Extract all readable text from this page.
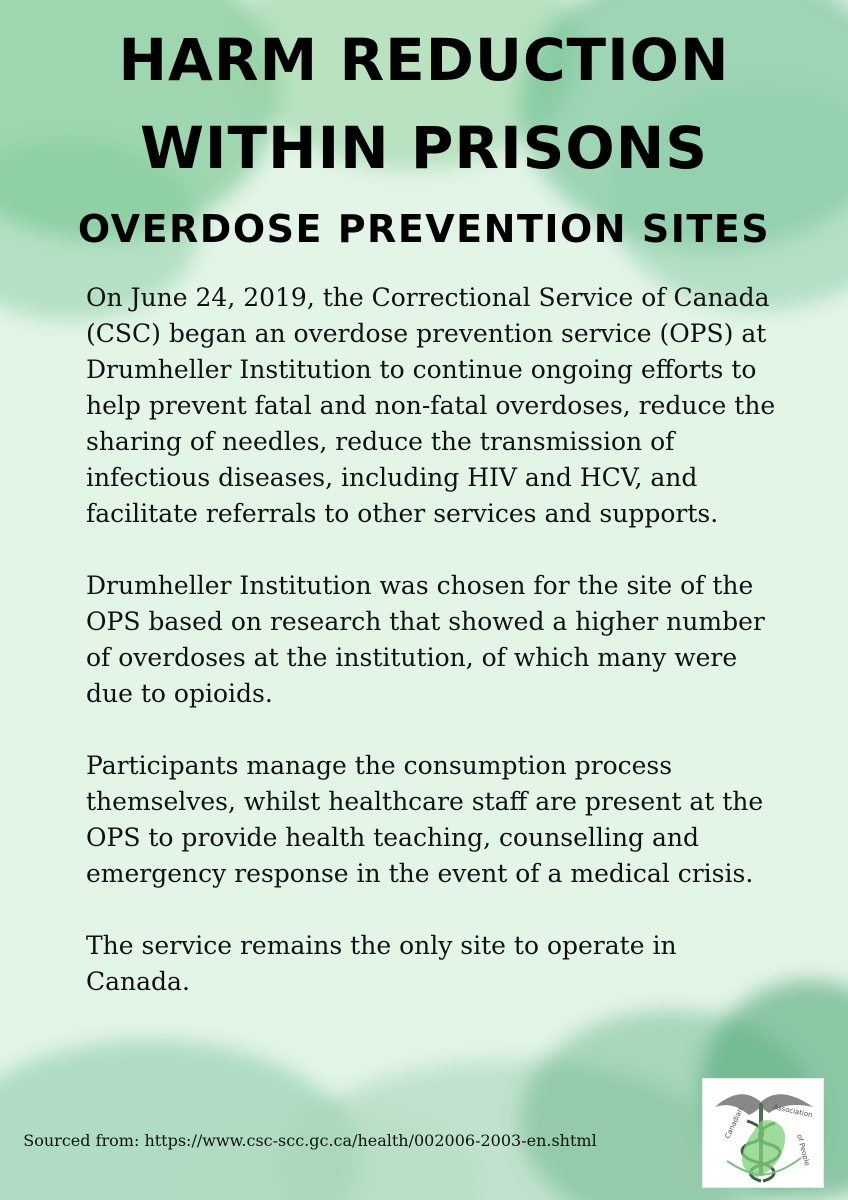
HARM REDUCTION
WITHIN PRISONS
OVERDOSE PREVENTION SITES

On June 24, 2019, the Correctional Service of Canada (CSC) began an overdose prevention service (OPS) at Drumheller Institution to continue ongoing efforts to help prevent fatal and non-fatal overdoses, reduce the sharing of needles, reduce the transmission of infectious diseases, including HIV and HCV, and facilitate referrals to other services and supports.

Drumheller Institution was chosen for the site of the OPS based on research that showed a higher number of overdoses at the institution, of which many were due to opioids.

Participants manage the consumption process themselves, whilst healthcare staff are present at the OPS to provide health teaching, counselling and emergency response in the event of a medical crisis.

The service remains the only site to operate in Canada.

Sourced from: https://www.csc-scc.gc.ca/health/002006-2003-en.shtml
Canadian	Association
of People
